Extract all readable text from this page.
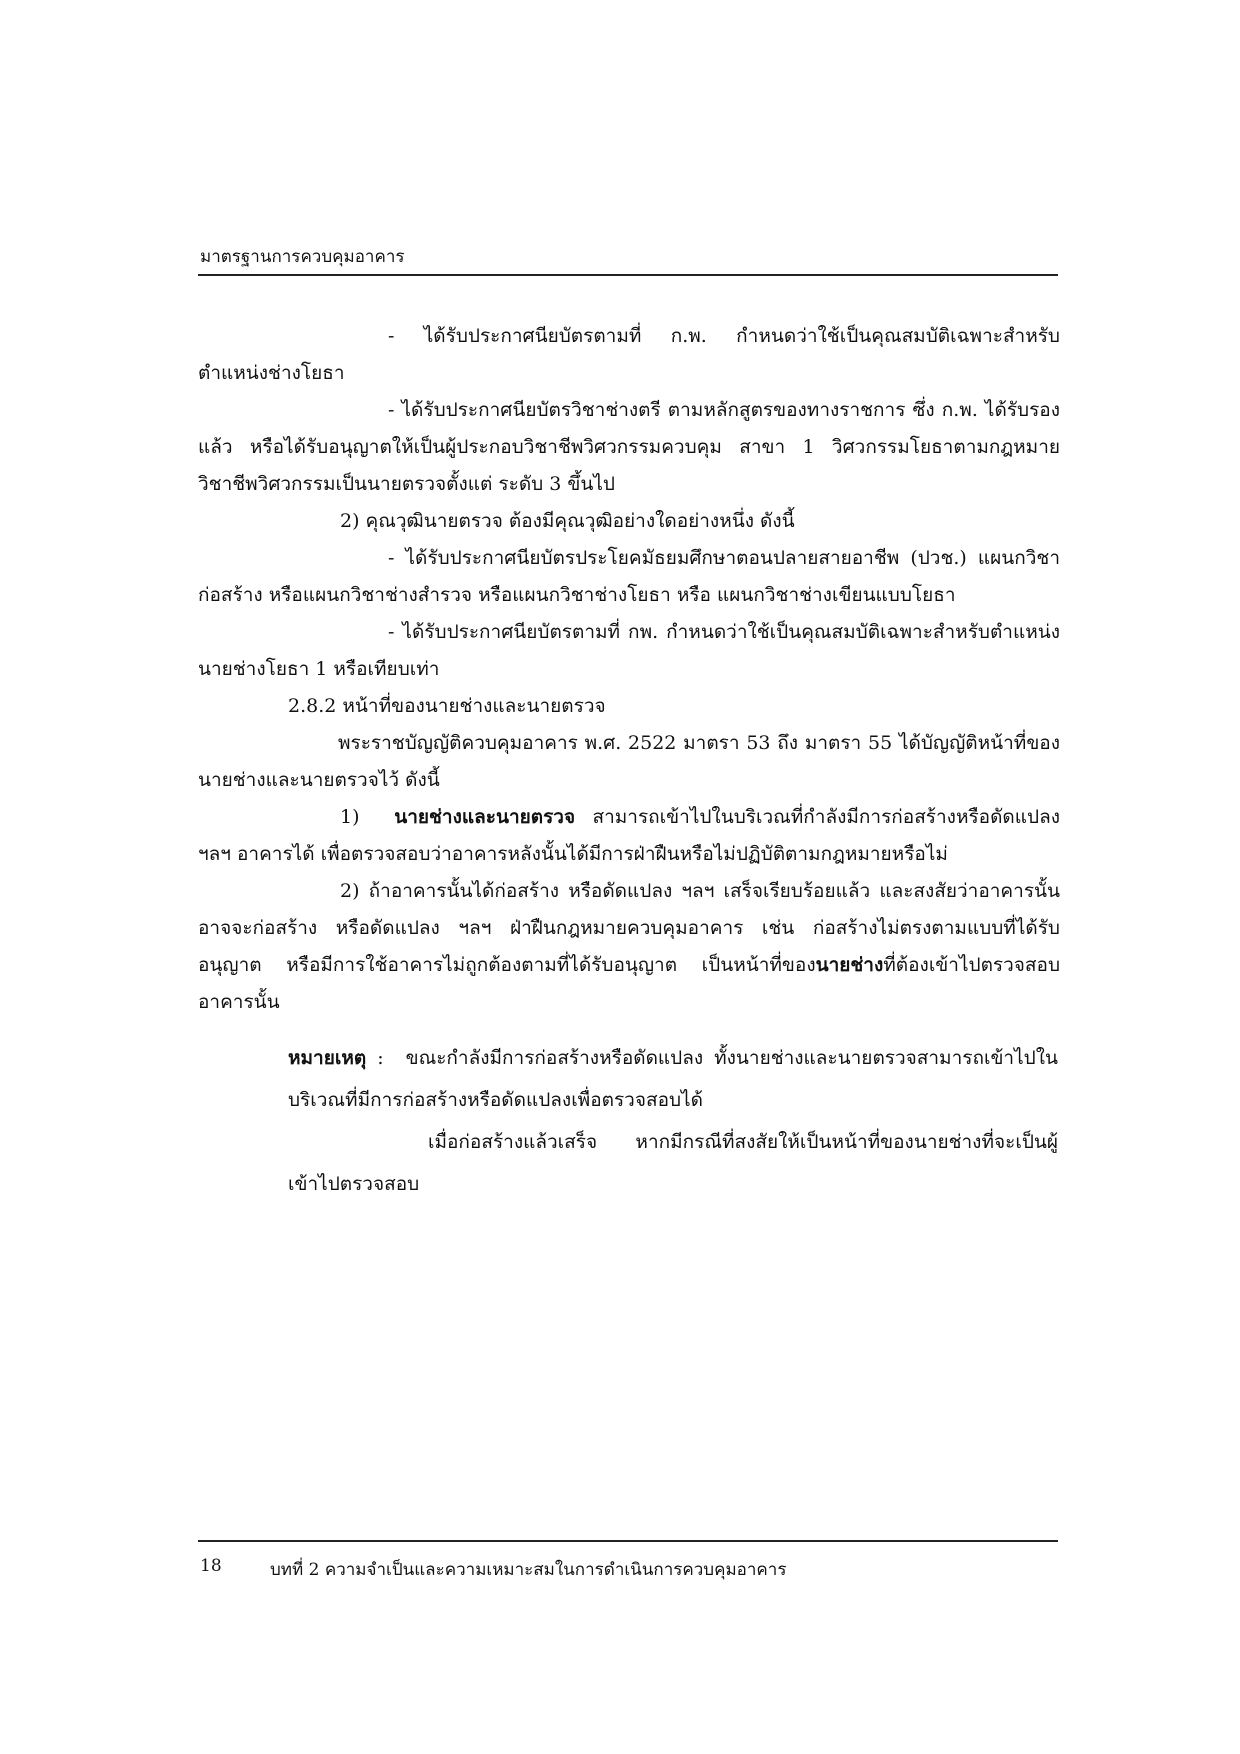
มาตรฐานการควบคุมอาคาร

- ได้รับประกาศนียบัตรตามที่ ก.พ. กำหนดว่าใช้เป็นคุณสมบัติเฉพาะสำหรับตำแหน่งช่างโยธา

- ได้รับประกาศนียบัตรวิชาช่างตรี ตามหลักสูตรของทางราชการ ซึ่ง ก.พ. ได้รับรองแล้ว หรือได้รับอนุญาตให้เป็นผู้ประกอบวิชาชีพวิศวกรรมควบคุม สาขา 1 วิศวกรรมโยธาตามกฎหมายวิชาชีพวิศวกรรมเป็นนายตรวจตั้งแต่ ระดับ 3 ขึ้นไป

2) คุณวุฒินายตรวจ ต้องมีคุณวุฒิอย่างใดอย่างหนึ่ง ดังนี้

- ได้รับประกาศนียบัตรประโยคมัธยมศึกษาตอนปลายสายอาชีพ (ปวช.) แผนกวิชาก่อสร้าง หรือแผนกวิชาช่างสำรวจ หรือแผนกวิชาช่างโยธา หรือ แผนกวิชาช่างเขียนแบบโยธา

- ได้รับประกาศนียบัตรตามที่ กพ. กำหนดว่าใช้เป็นคุณสมบัติเฉพาะสำหรับตำแหน่งนายช่างโยธา 1 หรือเทียบเท่า

2.8.2 หน้าที่ของนายช่างและนายตรวจ

พระราชบัญญัติควบคุมอาคาร พ.ศ. 2522 มาตรา 53 ถึง มาตรา 55 ได้บัญญัติหน้าที่ของนายช่างและนายตรวจไว้ ดังนี้

1) นายช่างและนายตรวจ สามารถเข้าไปในบริเวณที่กำลังมีการก่อสร้างหรือดัดแปลง ฯลฯ อาคารได้ เพื่อตรวจสอบว่าอาคารหลังนั้นได้มีการฝ่าฝืนหรือไม่ปฏิบัติตามกฎหมายหรือไม่

2) ถ้าอาคารนั้นได้ก่อสร้าง หรือดัดแปลง ฯลฯ เสร็จเรียบร้อยแล้ว และสงสัยว่าอาคารนั้นอาจจะก่อสร้าง หรือดัดแปลง ฯลฯ ฝ่าฝืนกฎหมายควบคุมอาคาร เช่น ก่อสร้างไม่ตรงตามแบบที่ได้รับอนุญาต หรือมีการใช้อาคารไม่ถูกต้องตามที่ได้รับอนุญาต เป็นหน้าที่ของนายช่างที่ต้องเข้าไปตรวจสอบอาคารนั้น

หมายเหตุ : ขณะกำลังมีการก่อสร้างหรือดัดแปลง ทั้งนายช่างและนายตรวจสามารถเข้าไปในบริเวณที่มีการก่อสร้างหรือดัดแปลงเพื่อตรวจสอบได้

เมื่อก่อสร้างแล้วเสร็จ หากมีกรณีที่สงสัยให้เป็นหน้าที่ของนายช่างที่จะเป็นผู้เข้าไปตรวจสอบ

18	บทที่ 2 ความจำเป็นและความเหมาะสมในการดำเนินการควบคุมอาคาร
